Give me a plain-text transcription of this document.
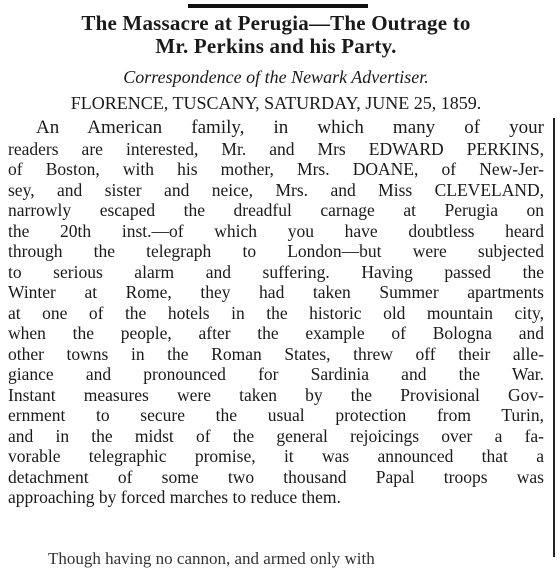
The Massacre at Perugia—The Outrage to
Mr. Perkins and his Party.
Correspondence of the Newark Advertiser.
FLORENCE, TUSCANY, SATURDAY, JUNE 25, 1859.
An American family, in which many of your
readers are interested, Mr. and Mrs EDWARD PERKINS,
of Boston, with his mother, Mrs. DOANE, of New-Jer-
sey, and sister and neice, Mrs. and Miss CLEVELAND,
narrowly escaped the dreadful carnage at Perugia on
the 20th inst.—of which you have doubtless heard
through the telegraph to London—but were subjected
to serious alarm and suffering. Having passed the
Winter at Rome, they had taken Summer apartments
at one of the hotels in the historic old mountain city,
when the people, after the example of Bologna and
other towns in the Roman States, threw off their alle-
giance and pronounced for Sardinia and the War.
Instant measures were taken by the Provisional Gov-
ernment to secure the usual protection from Turin,
and in the midst of the general rejoicings over a fa-
vorable telegraphic promise, it was announced that a
detachment of some two thousand Papal troops was
approaching by forced marches to reduce them.
Though having no cannon, and armed only with
